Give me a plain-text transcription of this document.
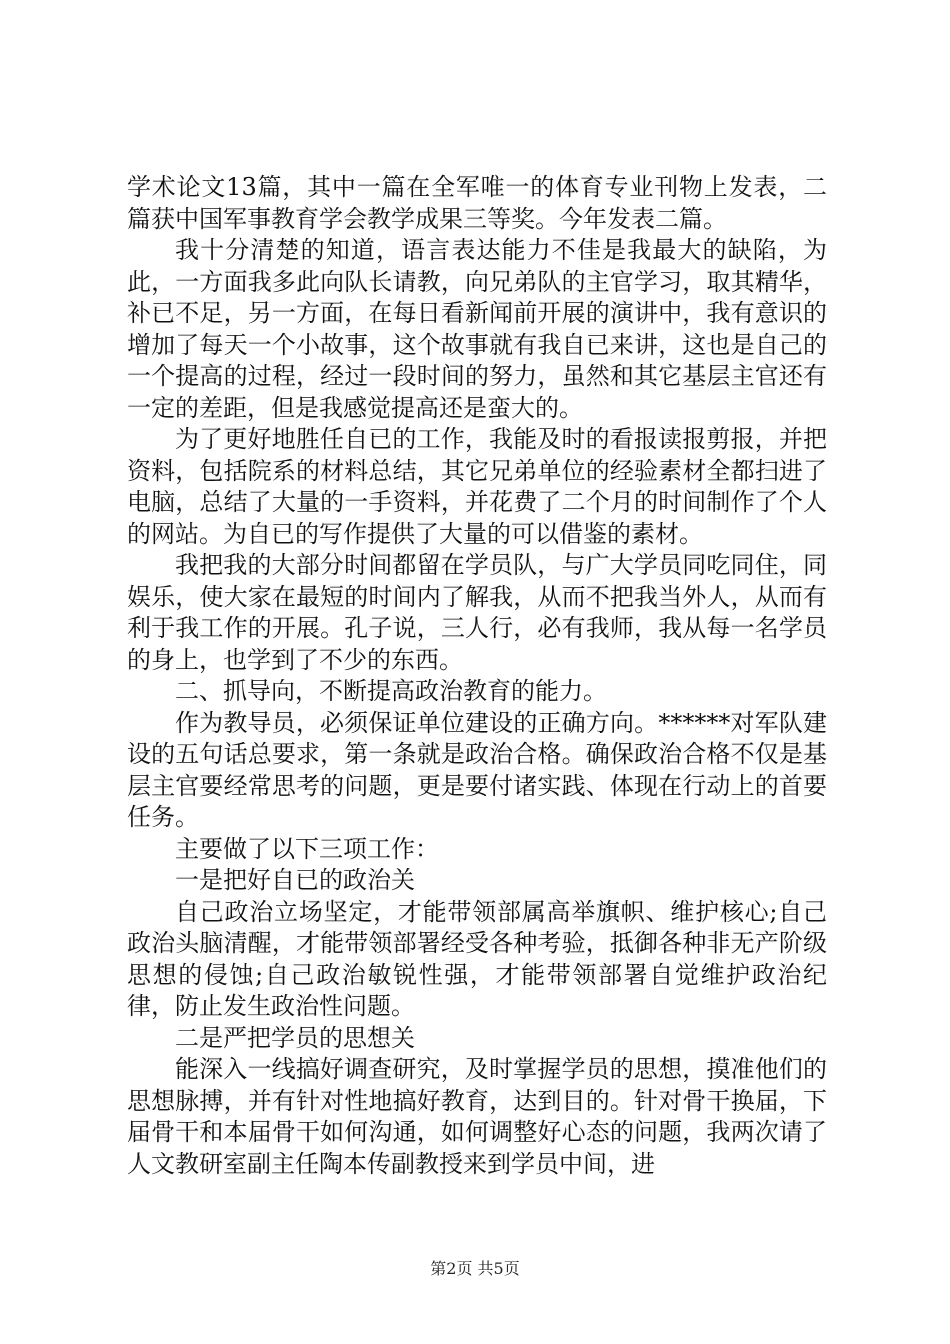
学术论文13篇，其中一篇在全军唯一的体育专业刊物上发表，二篇获中国军事教育学会教学成果三等奖。今年发表二篇。

我十分清楚的知道，语言表达能力不佳是我最大的缺陷，为此，一方面我多此向队长请教，向兄弟队的主官学习，取其精华，补已不足，另一方面，在每日看新闻前开展的演讲中，我有意识的增加了每天一个小故事，这个故事就有我自已来讲，这也是自己的一个提高的过程，经过一段时间的努力，虽然和其它基层主官还有一定的差距，但是我感觉提高还是蛮大的。

为了更好地胜任自已的工作，我能及时的看报读报剪报，并把资料，包括院系的材料总结，其它兄弟单位的经验素材全都扫进了电脑，总结了大量的一手资料，并花费了二个月的时间制作了个人的网站。为自已的写作提供了大量的可以借鉴的素材。

我把我的大部分时间都留在学员队，与广大学员同吃同住，同娱乐，使大家在最短的时间内了解我，从而不把我当外人，从而有利于我工作的开展。孔子说，三人行，必有我师，我从每一名学员的身上，也学到了不少的东西。

二、抓导向，不断提高政治教育的能力。

作为教导员，必须保证单位建设的正确方向。******对军队建设的五句话总要求，第一条就是政治合格。确保政治合格不仅是基层主官要经常思考的问题，更是要付诸实践、体现在行动上的首要任务。

主要做了以下三项工作：

一是把好自已的政治关

自己政治立场坚定，才能带领部属高举旗帜、维护核心;自己政治头脑清醒，才能带领部署经受各种考验，抵御各种非无产阶级思想的侵蚀;自己政治敏锐性强，才能带领部署自觉维护政治纪律，防止发生政治性问题。

二是严把学员的思想关

能深入一线搞好调查研究，及时掌握学员的思想，摸准他们的思想脉搏，并有针对性地搞好教育，达到目的。针对骨干换届，下届骨干和本届骨干如何沟通，如何调整好心态的问题，我两次请了人文教研室副主任陶本传副教授来到学员中间，进

第2页 共5页
